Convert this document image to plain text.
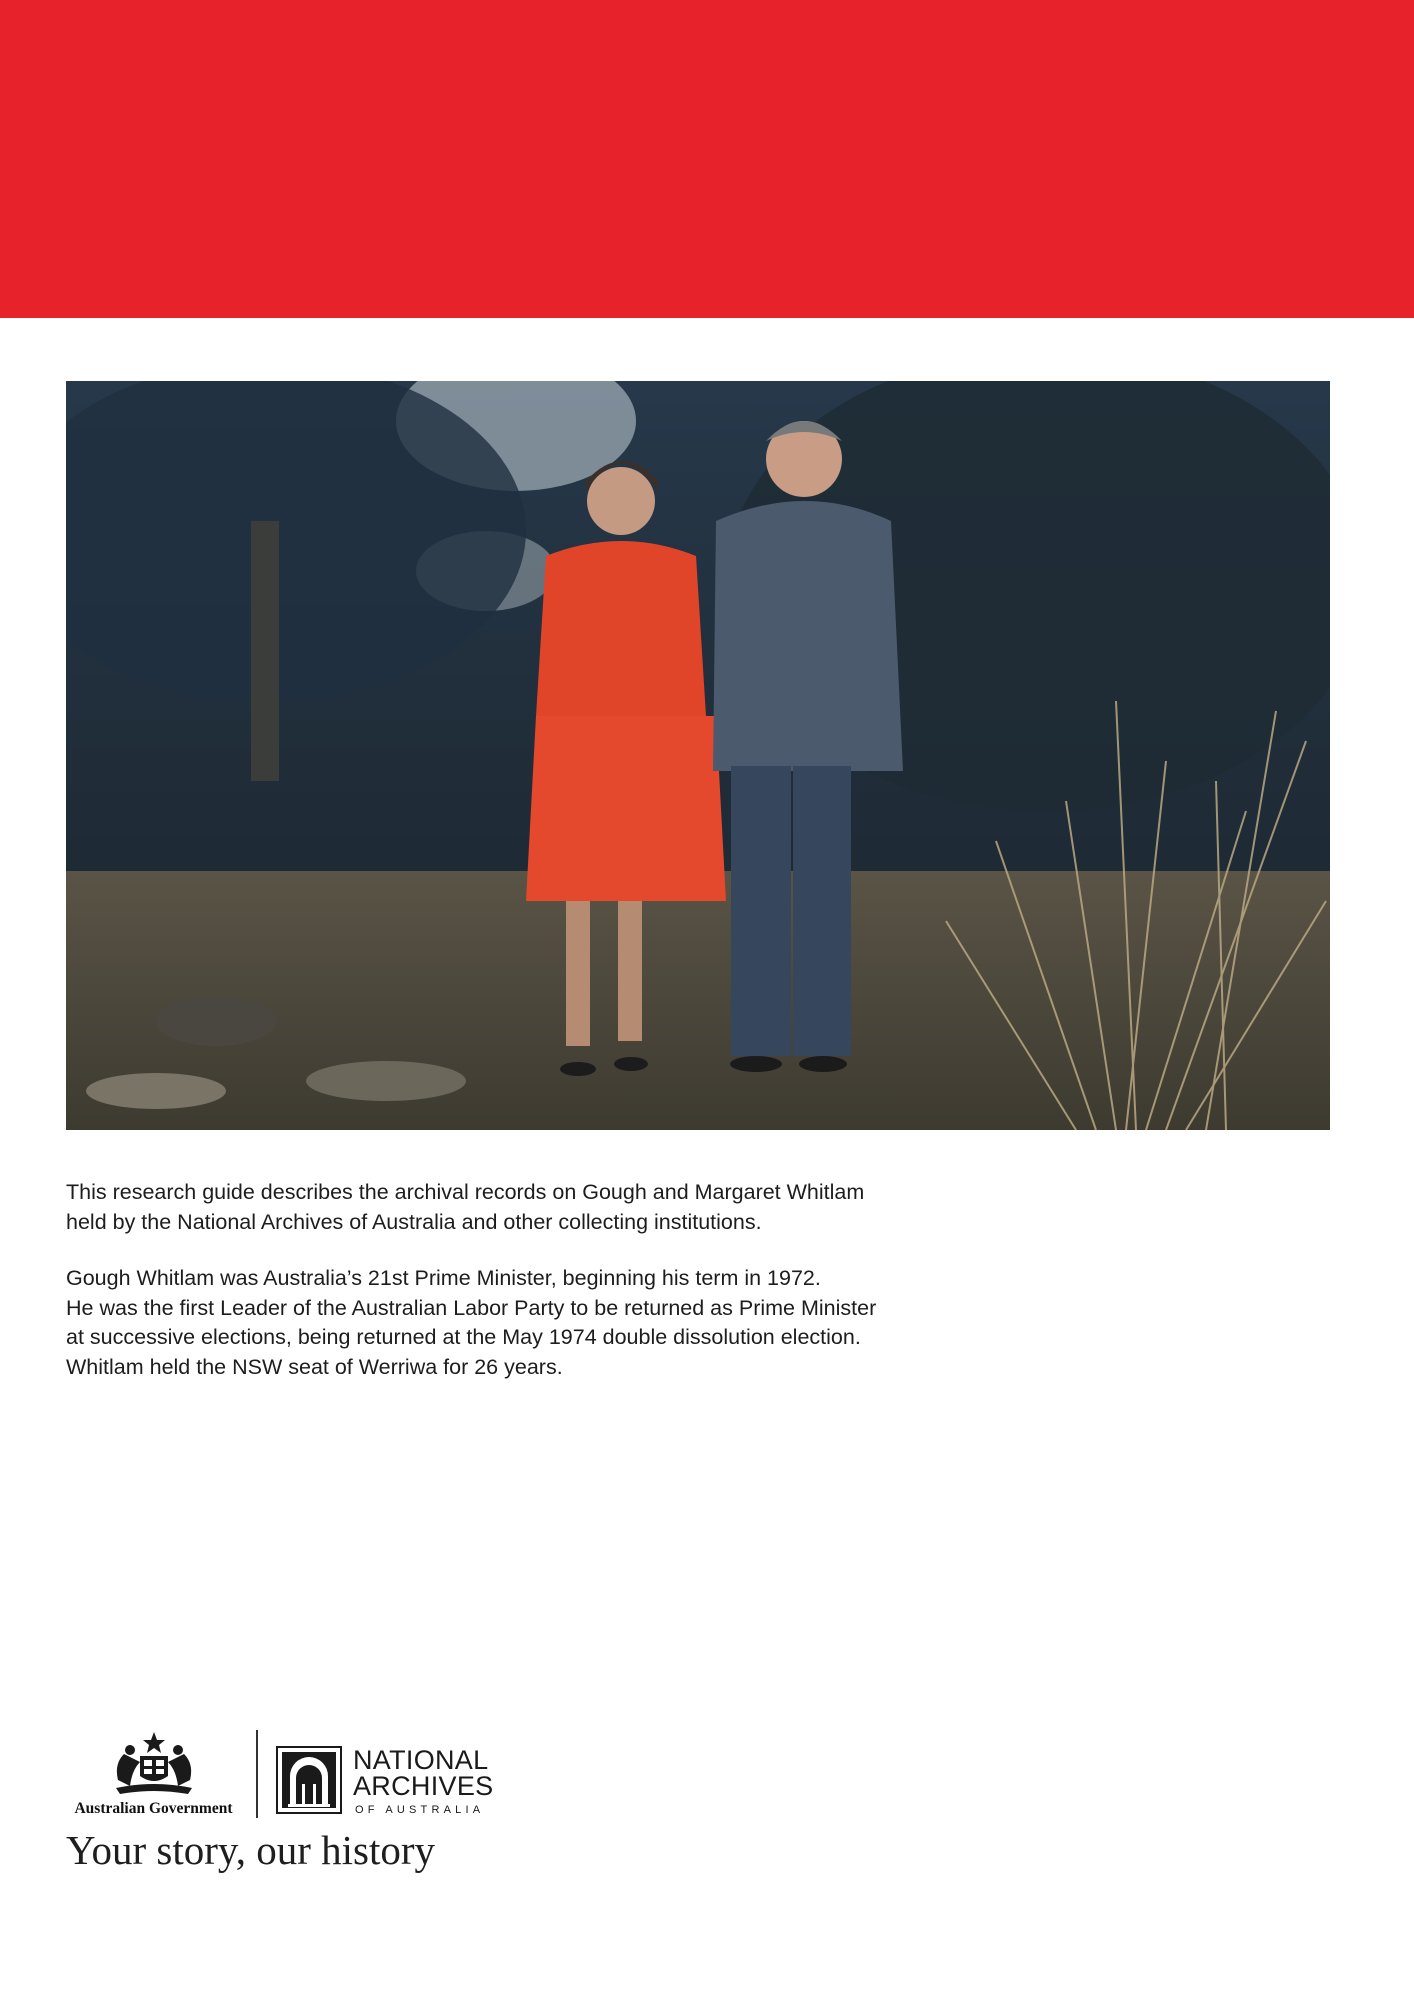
This research guide describes the archival records on Gough and Margaret Whitlam
held by the National Archives of Australia and other collecting institutions.

Gough Whitlam was Australia’s 21st Prime Minister, beginning his term in 1972.
He was the first Leader of the Australian Labor Party to be returned as Prime Minister
at successive elections, being returned at the May 1974 double dissolution election.
Whitlam held the NSW seat of Werriwa for 26 years.

Australian Government
NATIONAL
ARCHIVES
OF AUSTRALIA
Your story, our history
